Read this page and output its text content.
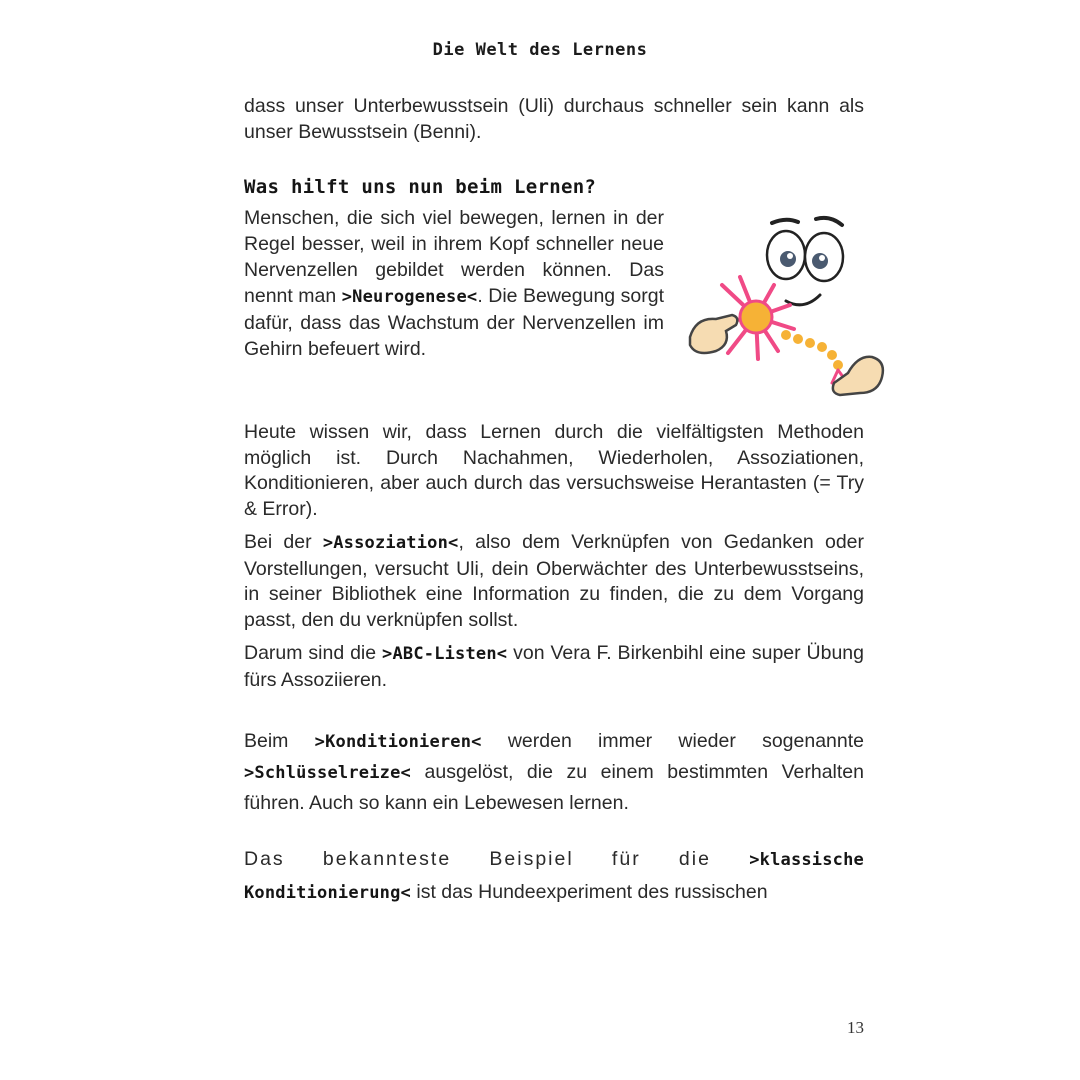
Die Welt des Lernens

dass unser Unterbewusstsein (Uli) durchaus schneller sein kann als unser Bewusstsein (Benni).

Was hilft uns nun beim Lernen?

Menschen, die sich viel bewegen, lernen in der Regel besser, weil in ihrem Kopf schneller neue Nervenzellen gebildet werden können. Das nennt man >Neurogenese<. Die Bewegung sorgt dafür, dass das Wachstum der Nervenzellen im Gehirn befeuert wird.

Heute wissen wir, dass Lernen durch die vielfältigsten Methoden möglich ist. Durch Nachahmen, Wiederholen, Assoziationen, Konditionieren, aber auch durch das versuchsweise Herantasten (= Try & Error).

Bei der >Assoziation<, also dem Verknüpfen von Gedanken oder Vorstellungen, versucht Uli, dein Oberwächter des Unterbewusstseins, in seiner Bibliothek eine Information zu finden, die zu dem Vorgang passt, den du verknüpfen sollst.

Darum sind die >ABC-Listen< von Vera F. Birkenbihl eine super Übung fürs Assoziieren.

Beim >Konditionieren< werden immer wieder sogenannte >Schlüsselreize< ausgelöst, die zu einem bestimmten Verhalten führen. Auch so kann ein Lebewesen lernen.

Das bekannteste Beispiel für die >klassische Konditionierung< ist das Hundeexperiment des russischen

13
